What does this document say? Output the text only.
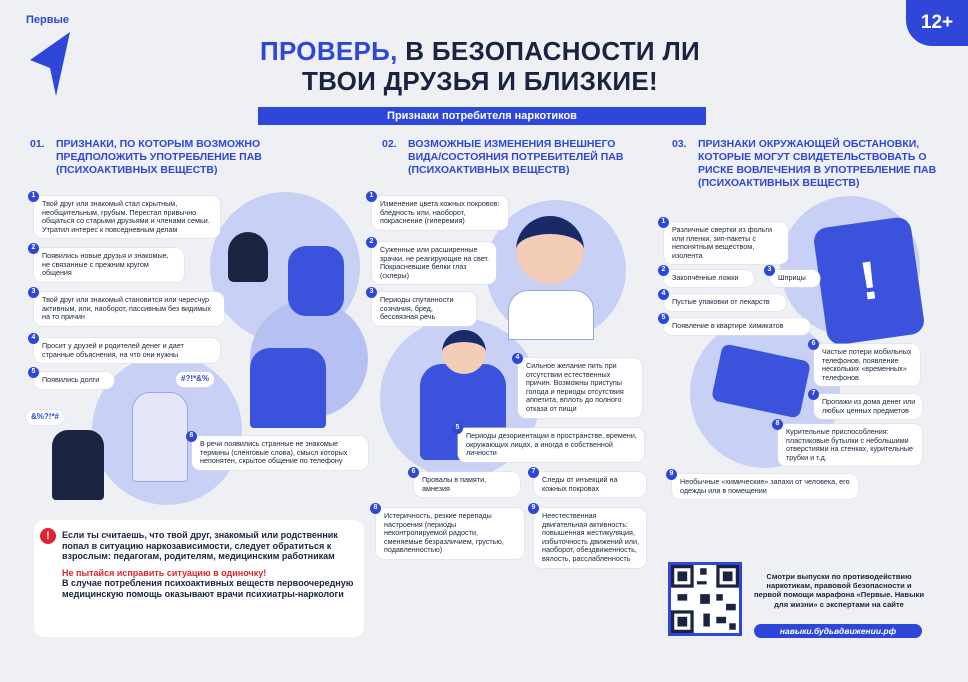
Первые	12+
ПРОВЕРЬ, В БЕЗОПАСНОСТИ ЛИ
ТВОИ ДРУЗЬЯ И БЛИЗКИЕ!
Признаки потребителя наркотиков
01. ПРИЗНАКИ, ПО КОТОРЫМ ВОЗМОЖНО ПРЕДПОЛОЖИТЬ УПОТРЕБЛЕНИЕ ПАВ (ПСИХОАКТИВНЫХ ВЕЩЕСТВ)
02. ВОЗМОЖНЫЕ ИЗМЕНЕНИЯ ВНЕШНЕГО ВИДА/СОСТОЯНИЯ ПОТРЕБИТЕЛЕЙ ПАВ (ПСИХОАКТИВНЫХ ВЕЩЕСТВ)
03. ПРИЗНАКИ ОКРУЖАЮЩЕЙ ОБСТАНОВКИ, КОТОРЫЕ МОГУТ СВИДЕТЕЛЬСТВОВАТЬ О РИСКЕ ВОВЛЕЧЕНИЯ В УПОТРЕБЛЕНИЕ ПАВ (ПСИХОАКТИВНЫХ ВЕЩЕСТВ)
#?!*&%
&%?!*#
1
Твой друг или знакомый стал скрытным, необщительным, грубым. Перестал привычно общаться со старыми друзьями и членами семьи. Утратил интерес к повседневным делам
2
Появились новые друзья и знакомые, не связанные с прежним кругом общения
3
Твой друг или знакомый становится или чересчур активным, или, наоборот, пассивным без видимых на то причин
4
Просит у друзей и родителей денег и дает странные объяснения, на что они нужны
5
Появились долги
6
В речи появились странные не знакомые термины (сленговые слова), смысл которых непонятен, скрытое общение по телефону
1
Изменение цвета кожных покровов: бледность или, наоборот, покраснение (гиперемия)
2
Суженные или расширенные зрачки, не реагирующие на свет. Покрасневшие белки глаз (склеры)
3
Периоды спутанности сознания, бред, бессвязная речь
4
Сильное желание пить при отсутствии естественных причин. Возможны приступы голода и периоды отсутствия аппетита, вплоть до полного отказа от пищи
5
Периоды дезориентации в пространстве, времени, окружающих лицах, а иногда в собственной личности
6
Провалы в памяти, амнезия
7
Следы от инъекций на кожных покровах
8
Истеричность, резкие перепады настроения (периоды неконтролируемой радости, сменяемые безразличием, грустью, подавленностью)
9
Неестественная двигательная активность: повышенная жестикуляция, избыточность движений или, наоборот, обездвиженность, вялость, расслабленность
!
1
Различные свертки из фольги или пленки, зип-пакеты с непонятным веществом, изолента
2
Закопчённые ложки
3
Шприцы
4
Пустые упаковки от лекарств
5
Появление в квартире химикатов
6
Частые потери мобильных телефонов, появление нескольких «временных» телефонов
7
Пропажи из дома денег или любых ценных предметов
8
Курительные приспособления: пластиковые бутылки с небольшими отверстиями на стенках, курительные трубки и т.д.
9
Необычные «химические» запахи от человека, его одежды или в помещении
!	Если ты считаешь, что твой друг, знакомый или родственник попал в ситуацию наркозависимости, следует обратиться к взрослым: педагогам, родителям, медицинским работникам
Не пытайся исправить ситуацию в одиночку!
В случае потребления психоактивных веществ первоочередную медицинскую помощь оказывают врачи психиатры-наркологи
Смотри выпуски по противодействию наркотикам, правовой безопасности и первой помощи марафона «Первые. Навыки для жизни» с экспертами на сайте
навыки.будьвдвижении.рф
